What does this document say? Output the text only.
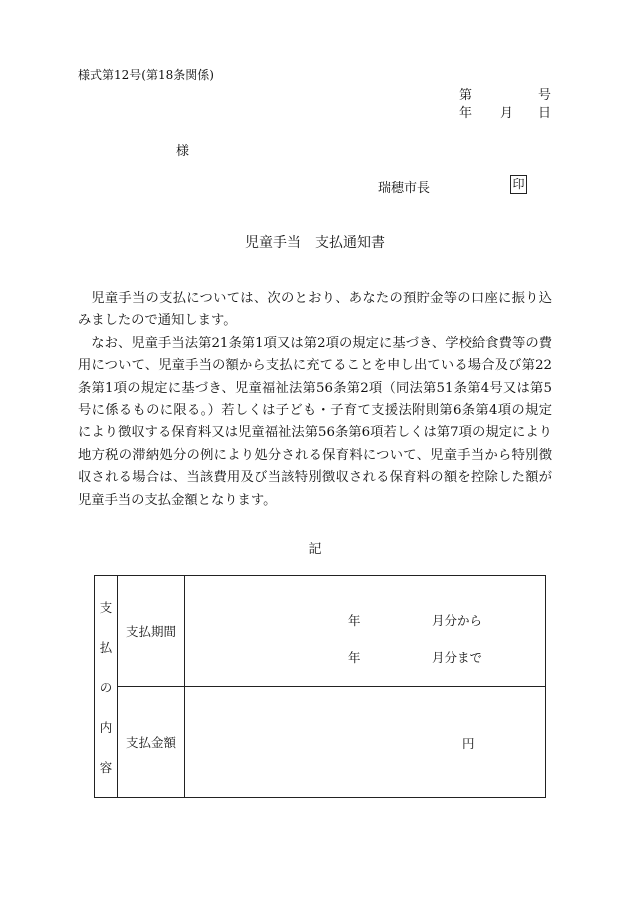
様式第12号(第18条関係)
第	号
年 月 日
様
瑞穂市長	印
児童手当　支払通知書

児童手当の支払については、次のとおり、あなたの預貯金等の口座に振り込みましたので通知します。

なお、児童手当法第21条第1項又は第2項の規定に基づき、学校給食費等の費用について、児童手当の額から支払に充てることを申し出ている場合及び第22条第1項の規定に基づき、児童福祉法第56条第2項（同法第51条第4号又は第5号に係るものに限る。）若しくは子ども・子育て支援法附則第6条第4項の規定により徴収する保育料又は児童福祉法第56条第6項若しくは第7項の規定により地方税の滞納処分の例により処分される保育料について、児童手当から特別徴収される場合は、当該費用及び当該特別徴収される保育料の額を控除した額が児童手当の支払金額となります。

記
支
払
の
内
容	支払期間	年 月分から
年 月分まで

	支払金額	円
